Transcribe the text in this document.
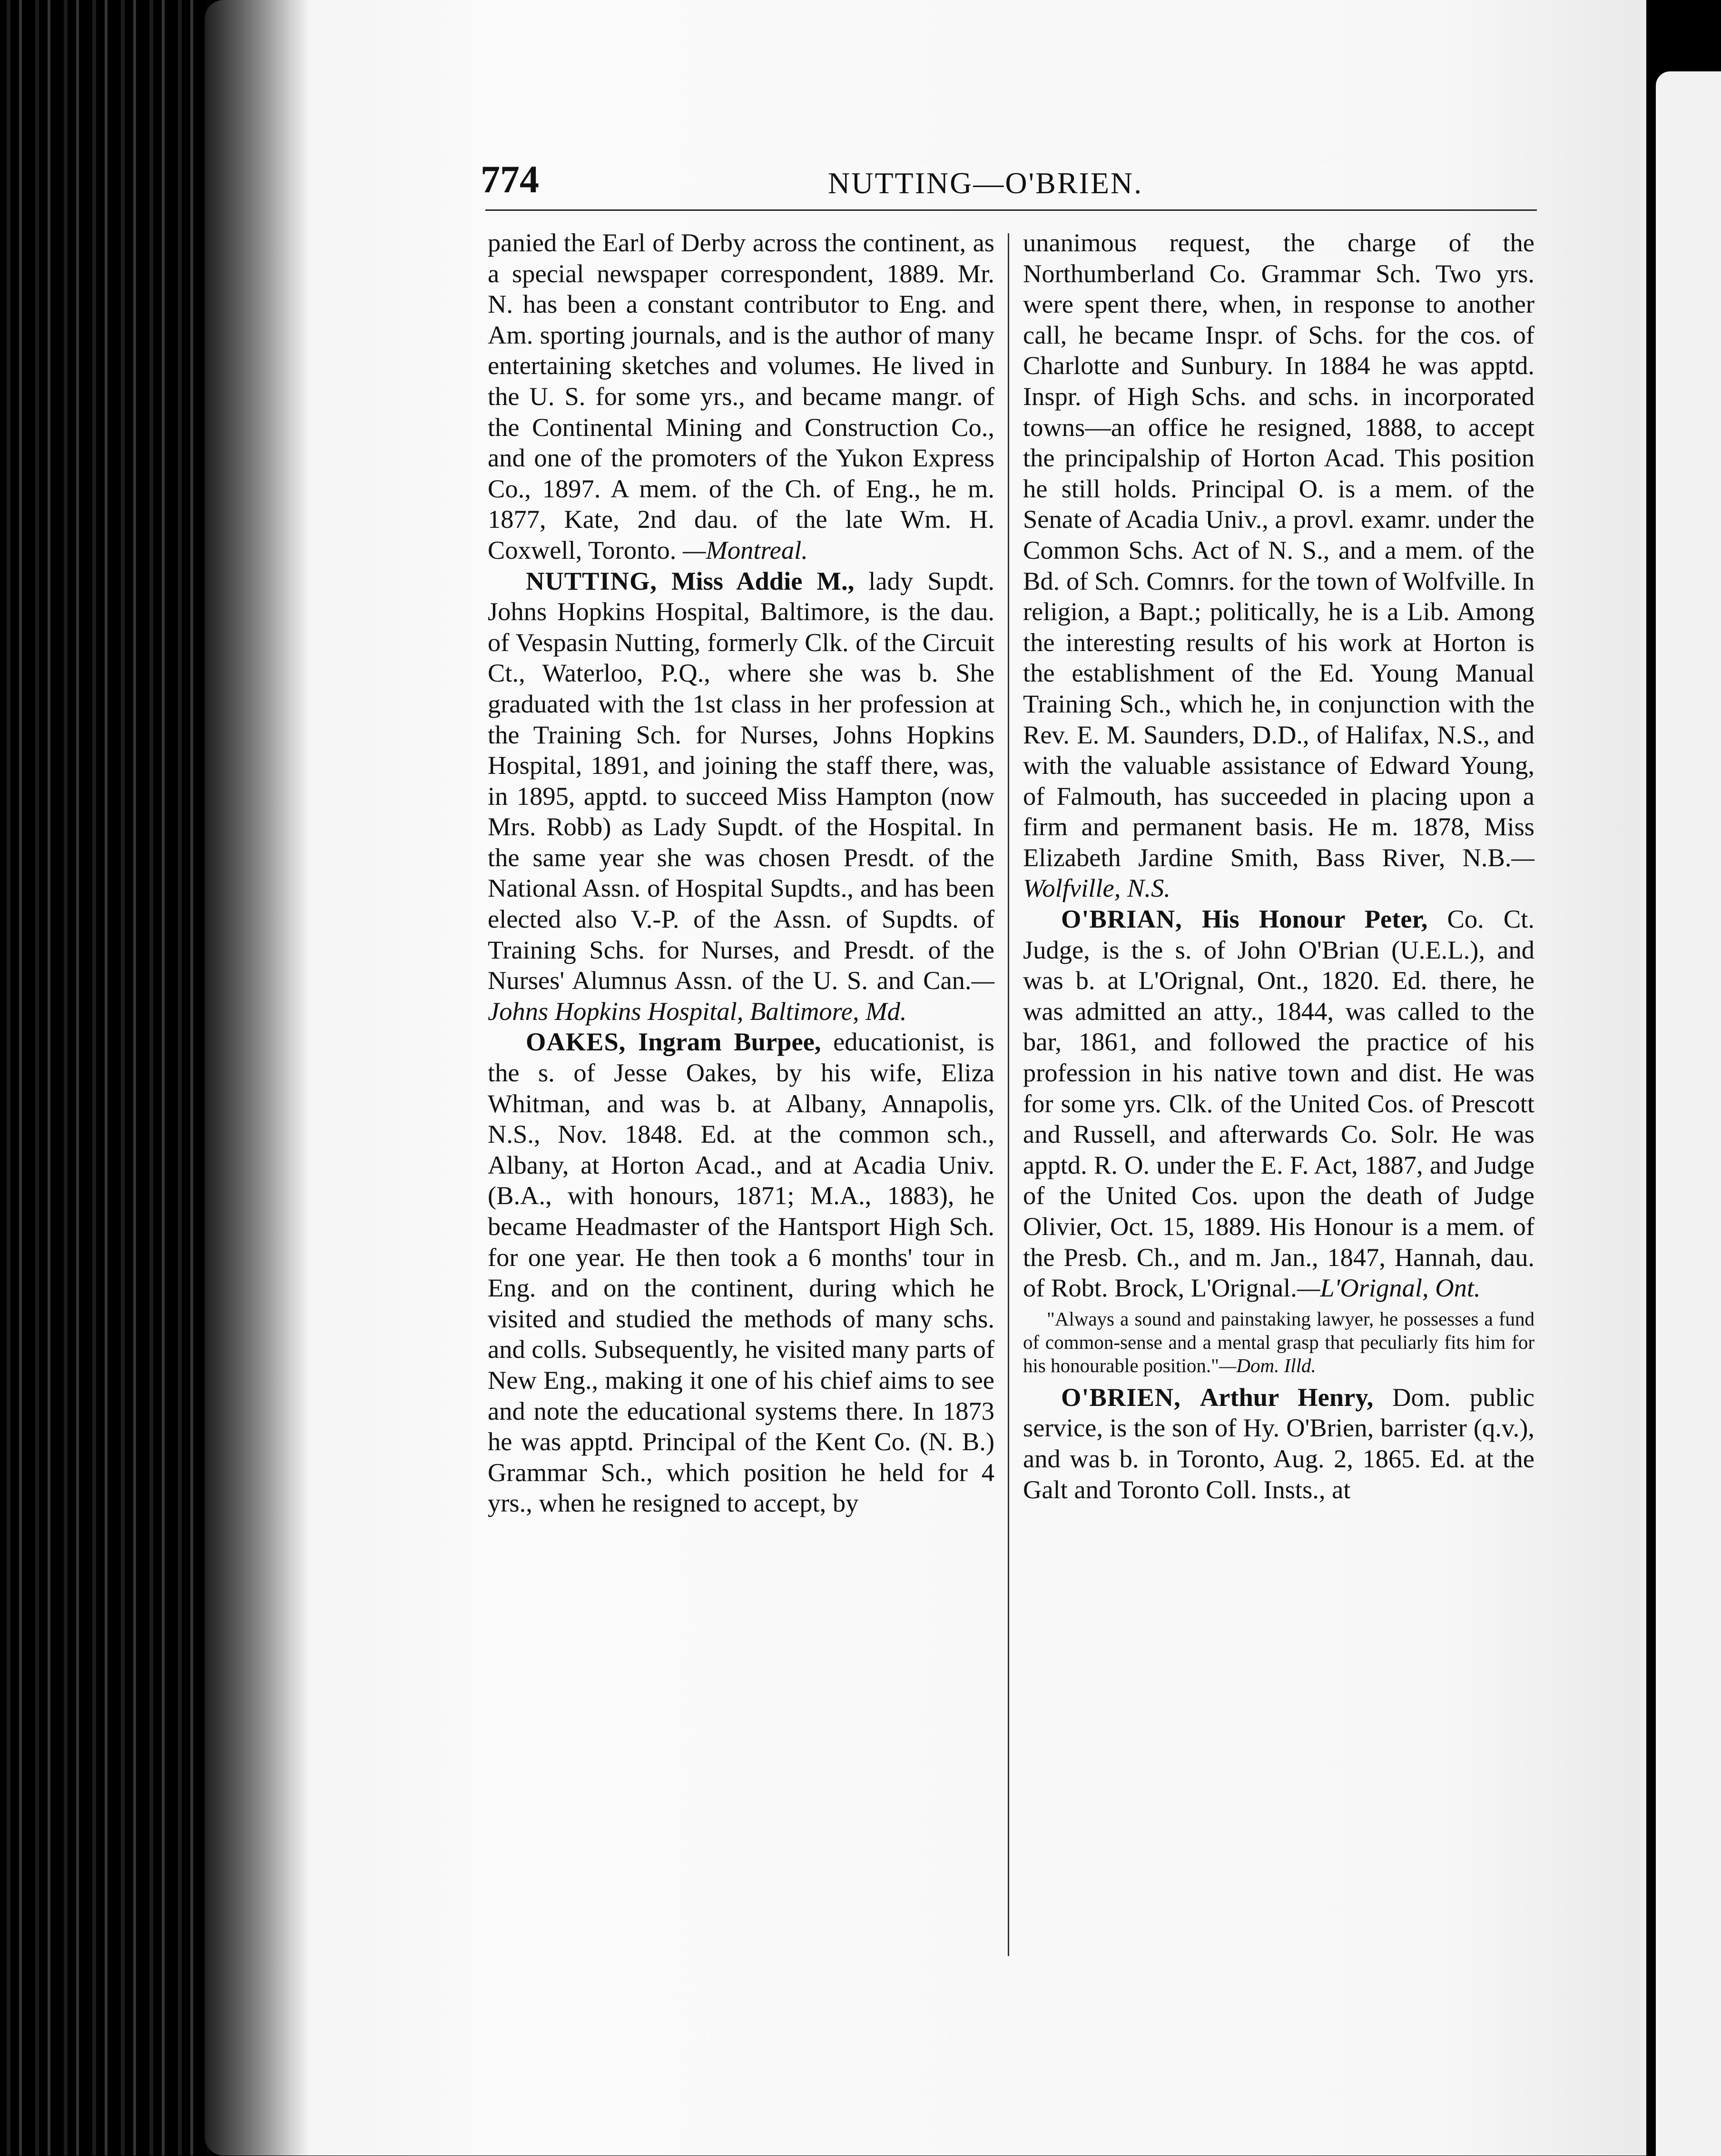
774	NUTTING—O'BRIEN.

panied the Earl of Derby across the continent, as a special newspaper correspondent, 1889. Mr. N. has been a constant contributor to Eng. and Am. sporting journals, and is the author of many entertaining sketches and volumes. He lived in the U. S. for some yrs., and became mangr. of the Continental Mining and Construction Co., and one of the promoters of the Yukon Express Co., 1897. A mem. of the Ch. of Eng., he m. 1877, Kate, 2nd dau. of the late Wm. H. Coxwell, Toronto. —Montreal.

NUTTING, Miss Addie M., lady Supdt. Johns Hopkins Hospital, Baltimore, is the dau. of Vespasin Nutting, formerly Clk. of the Circuit Ct., Waterloo, P.Q., where she was b. She graduated with the 1st class in her profession at the Training Sch. for Nurses, Johns Hopkins Hospital, 1891, and joining the staff there, was, in 1895, apptd. to succeed Miss Hampton (now Mrs. Robb) as Lady Supdt. of the Hospital. In the same year she was chosen Presdt. of the National Assn. of Hospital Supdts., and has been elected also V.-P. of the Assn. of Supdts. of Training Schs. for Nurses, and Presdt. of the Nurses' Alumnus Assn. of the U. S. and Can.—Johns Hopkins Hospital, Baltimore, Md.

OAKES, Ingram Burpee, educationist, is the s. of Jesse Oakes, by his wife, Eliza Whitman, and was b. at Albany, Annapolis, N.S., Nov. 1848. Ed. at the common sch., Albany, at Horton Acad., and at Acadia Univ. (B.A., with honours, 1871; M.A., 1883), he became Headmaster of the Hantsport High Sch. for one year. He then took a 6 months' tour in Eng. and on the continent, during which he visited and studied the methods of many schs. and colls. Subsequently, he visited many parts of New Eng., making it one of his chief aims to see and note the educational systems there. In 1873 he was apptd. Principal of the Kent Co. (N. B.) Grammar Sch., which position he held for 4 yrs., when he resigned to accept, by

unanimous request, the charge of the Northumberland Co. Grammar Sch. Two yrs. were spent there, when, in response to another call, he became Inspr. of Schs. for the cos. of Charlotte and Sunbury. In 1884 he was apptd. Inspr. of High Schs. and schs. in incorporated towns—an office he resigned, 1888, to accept the principalship of Horton Acad. This position he still holds. Principal O. is a mem. of the Senate of Acadia Univ., a provl. examr. under the Common Schs. Act of N. S., and a mem. of the Bd. of Sch. Comnrs. for the town of Wolfville. In religion, a Bapt.; politically, he is a Lib. Among the interesting results of his work at Horton is the establishment of the Ed. Young Manual Training Sch., which he, in conjunction with the Rev. E. M. Saunders, D.D., of Halifax, N.S., and with the valuable assistance of Edward Young, of Falmouth, has succeeded in placing upon a firm and permanent basis. He m. 1878, Miss Elizabeth Jardine Smith, Bass River, N.B.—Wolfville, N.S.

O'BRIAN, His Honour Peter, Co. Ct. Judge, is the s. of John O'Brian (U.E.L.), and was b. at L'Orignal, Ont., 1820. Ed. there, he was admitted an atty., 1844, was called to the bar, 1861, and followed the practice of his profession in his native town and dist. He was for some yrs. Clk. of the United Cos. of Prescott and Russell, and afterwards Co. Solr. He was apptd. R. O. under the E. F. Act, 1887, and Judge of the United Cos. upon the death of Judge Olivier, Oct. 15, 1889. His Honour is a mem. of the Presb. Ch., and m. Jan., 1847, Hannah, dau. of Robt. Brock, L'Orignal.—L'Orignal, Ont.

"Always a sound and painstaking lawyer, he possesses a fund of common-sense and a mental grasp that peculiarly fits him for his honourable position."—Dom. Illd.

O'BRIEN, Arthur Henry, Dom. public service, is the son of Hy. O'Brien, barrister (q.v.), and was b. in Toronto, Aug. 2, 1865. Ed. at the Galt and Toronto Coll. Insts., at
